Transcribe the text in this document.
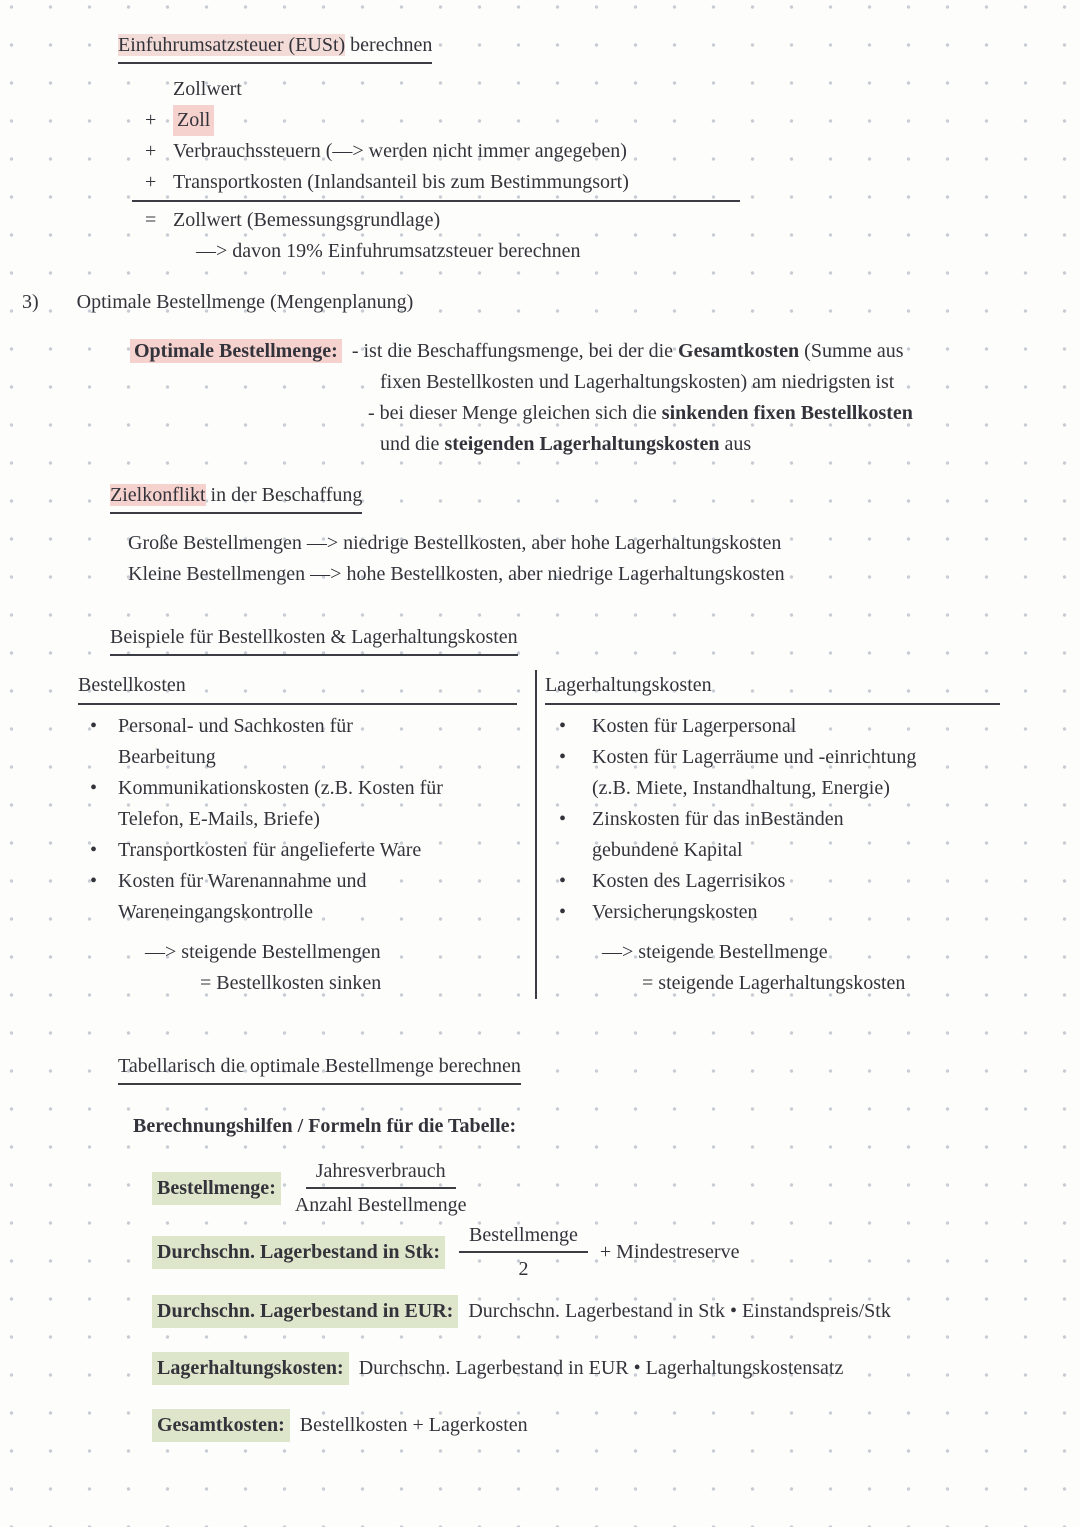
Einfuhrumsatzsteuer (EUSt) berechnen
Zollwert
+	Zoll
+ Verbrauchssteuern (—> werden nicht immer angegeben)
+ Transportkosten (Inlandsanteil bis zum Bestimmungsort)
= Zollwert (Bemessungsgrundlage)
—> davon 19% Einfuhrumsatzsteuer berechnen
3) Optimale Bestellmenge (Mengenplanung)
Optimale Bestellmenge: - ist die Beschaffungsmenge, bei der die Gesamtkosten (Summe aus
fixen Bestellkosten und Lagerhaltungskosten) am niedrigsten ist
- bei dieser Menge gleichen sich die sinkenden fixen Bestellkosten
und die steigenden Lagerhaltungskosten aus
Zielkonflikt in der Beschaffung
Große Bestellmengen —> niedrige Bestellkosten, aber hohe Lagerhaltungskosten
Kleine Bestellmengen —> hohe Bestellkosten, aber niedrige Lagerhaltungskosten
Beispiele für Bestellkosten & Lagerhaltungskosten
Bestellkosten
• Personal- und Sachkosten für
Bearbeitung
• Kommunikationskosten (z.B. Kosten für
Telefon, E-Mails, Briefe)
• Transportkosten für angelieferte Ware
• Kosten für Warenannahme und
Wareneingangskontrolle
—> steigende Bestellmengen
= Bestellkosten sinken
Lagerhaltungskosten
• Kosten für Lagerpersonal
• Kosten für Lagerräume und -einrichtung
(z.B. Miete, Instandhaltung, Energie)
• Zinskosten für das inBeständen
gebundene Kapital
• Kosten des Lagerrisikos
• Versicherungskosten
—> steigende Bestellmenge
= steigende Lagerhaltungskosten
Tabellarisch die optimale Bestellmenge berechnen
Berechnungshilfen / Formeln für die Tabelle:
Bestellmenge: $\frac{\text{Jahresverbrauch}}{\text{Anzahl Bestellmenge}}$
Durchschn. Lagerbestand in Stk: $\frac{\text{Bestellmenge}}{2}$ + Mindestreserve
Durchschn. Lagerbestand in EUR: Durchschn. Lagerbestand in Stk • Einstandspreis/Stk
Lagerhaltungskosten: Durchschn. Lagerbestand in EUR • Lagerhaltungskostensatz
Gesamtkosten: Bestellkosten + Lagerkosten
